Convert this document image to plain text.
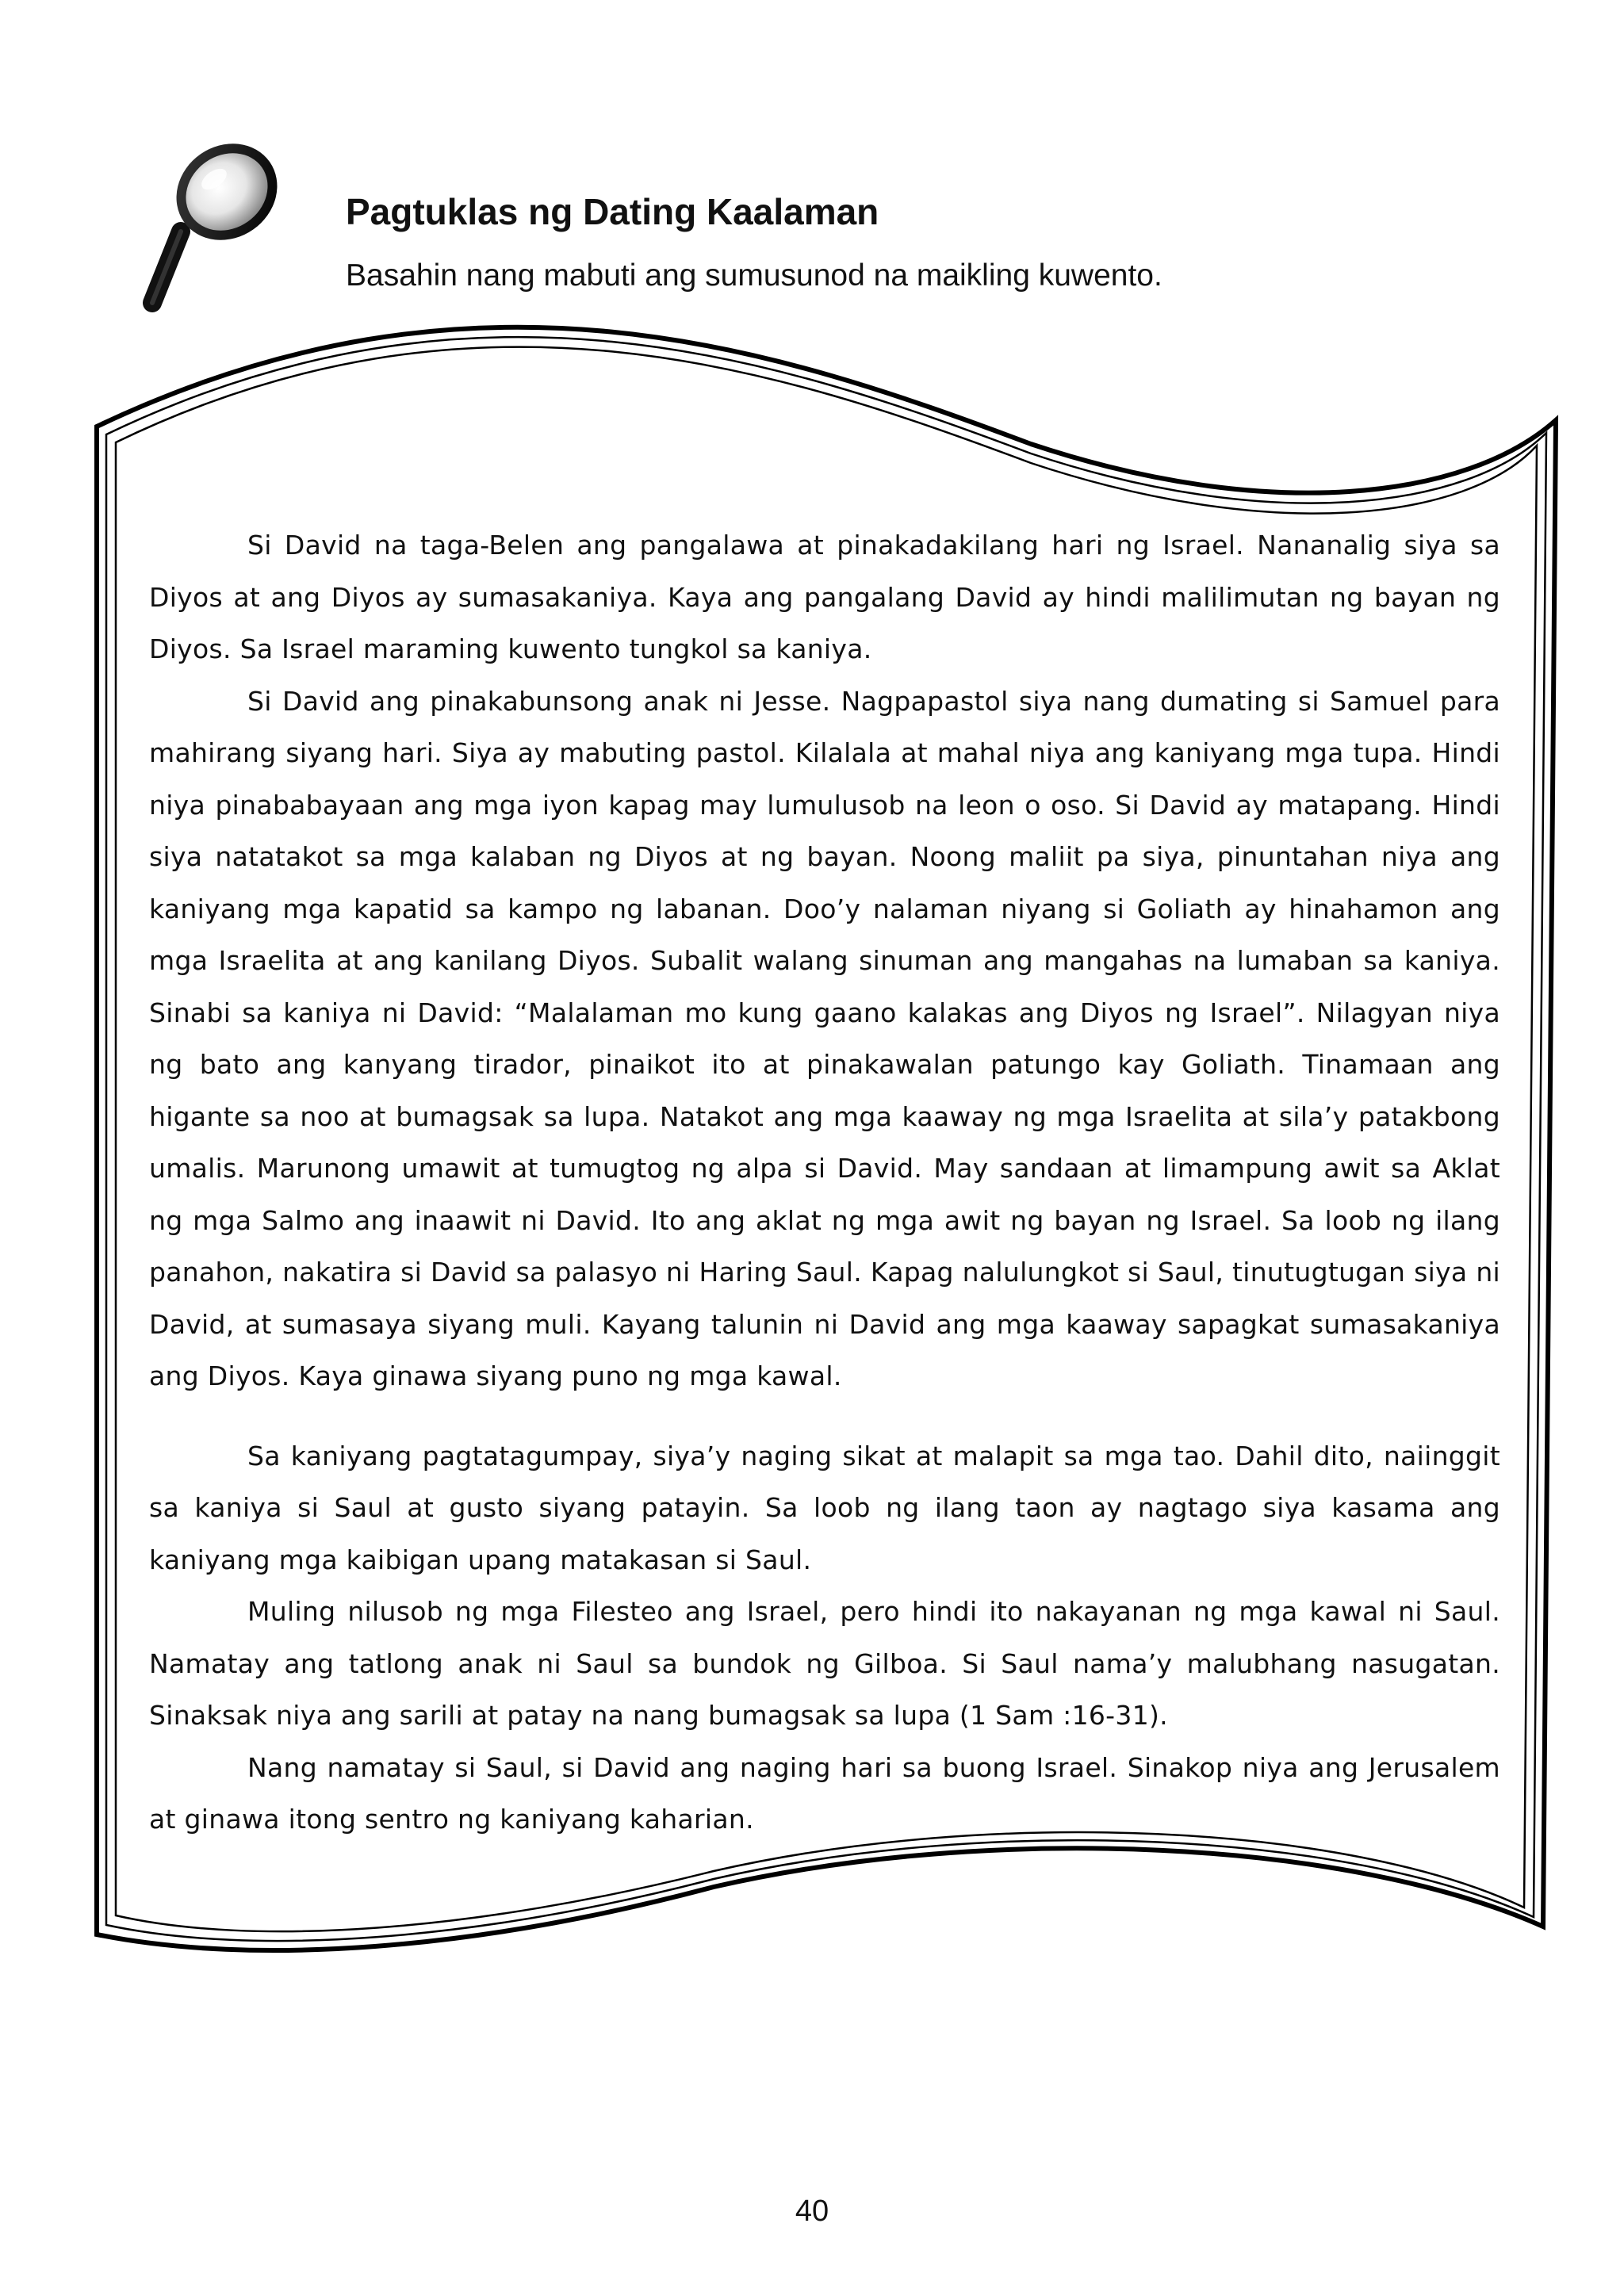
Pagtuklas ng Dating Kaalaman
Basahin nang mabuti ang sumusunod na maikling kuwento.

Si David na taga-Belen ang pangalawa at pinakadakilang hari ng Israel. Nananalig siya sa Diyos at ang Diyos ay sumasakaniya. Kaya ang pangalang David ay hindi malilimutan ng bayan ng Diyos. Sa Israel maraming kuwento tungkol sa kaniya.

Si David ang pinakabunsong anak ni Jesse. Nagpapastol siya nang dumating si Samuel para mahirang siyang hari. Siya ay mabuting pastol. Kilalala at mahal niya ang kaniyang mga tupa. Hindi niya pinababayaan ang mga iyon kapag may lumulusob na leon o oso. Si David ay matapang. Hindi siya natatakot sa mga kalaban ng Diyos at ng bayan. Noong maliit pa siya, pinuntahan niya ang kaniyang mga kapatid sa kampo ng labanan. Doo’y nalaman niyang si Goliath ay hinahamon ang mga Israelita at ang kanilang Diyos. Subalit walang sinuman ang mangahas na lumaban sa kaniya. Sinabi sa kaniya ni David: “Malalaman mo kung gaano kalakas ang Diyos ng Israel”. Nilagyan niya ng bato ang kanyang tirador, pinaikot ito at pinakawalan patungo kay Goliath. Tinamaan ang higante sa noo at bumagsak sa lupa. Natakot ang mga kaaway ng mga Israelita at sila’y patakbong umalis. Marunong umawit at tumugtog ng alpa si David. May sandaan at limampung awit sa Aklat ng mga Salmo ang inaawit ni David. Ito ang aklat ng mga awit ng bayan ng Israel. Sa loob ng ilang panahon, nakatira si David sa palasyo ni Haring Saul. Kapag nalulungkot si Saul, tinutugtugan siya ni David, at sumasaya siyang muli. Kayang talunin ni David ang mga kaaway sapagkat sumasakaniya ang Diyos. Kaya ginawa siyang puno ng mga kawal.

Sa kaniyang pagtatagumpay, siya’y naging sikat at malapit sa mga tao. Dahil dito, naiinggit sa kaniya si Saul at gusto siyang patayin. Sa loob ng ilang taon ay nagtago siya kasama ang kaniyang mga kaibigan upang matakasan si Saul.

Muling nilusob ng mga Filesteo ang Israel, pero hindi ito nakayanan ng mga kawal ni Saul. Namatay ang tatlong anak ni Saul sa bundok ng Gilboa. Si Saul nama’y malubhang nasugatan. Sinaksak niya ang sarili at patay na nang bumagsak sa lupa (1 Sam :16-31).

Nang namatay si Saul, si David ang naging hari sa buong Israel. Sinakop niya ang Jerusalem at ginawa itong sentro ng kaniyang kaharian.

40
